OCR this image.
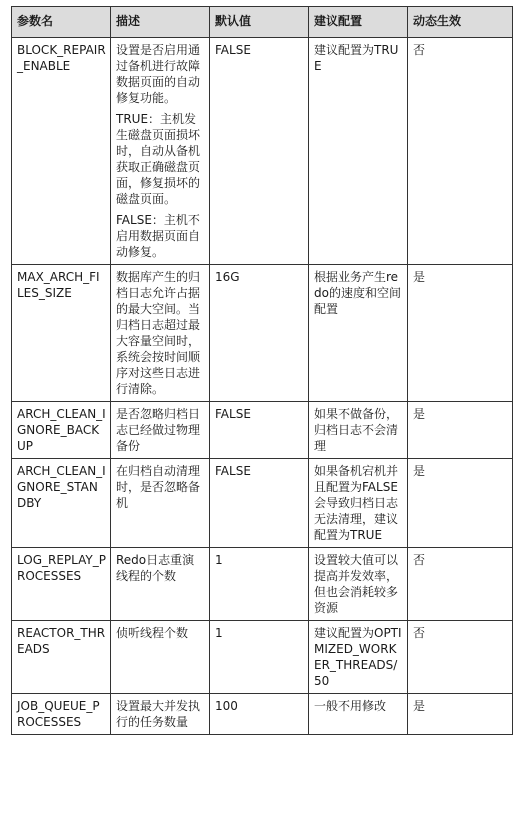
参数名	描述	默认值	建议配置	动态生效
BLOCK_REPAIR_ENABLE	设置是否启用通过备机进行故障数据页面的自动修复功能。

TRUE：主机发生磁盘页面损坏时，自动从备机获取正确磁盘页面，修复损坏的磁盘页面。

FALSE：主机不启用数据页面自动修复。	FALSE	建议配置为TRUE	否
MAX_ARCH_FILES_SIZE	数据库产生的归档日志允许占据的最大空间。当归档日志超过最大容量空间时，系统会按时间顺序对这些日志进行清除。	16G	根据业务产生redo的速度和空间配置	是
ARCH_CLEAN_IGNORE_BACKUP	是否忽略归档日志已经做过物理备份	FALSE	如果不做备份，归档日志不会清理	是
ARCH_CLEAN_IGNORE_STANDBY	在归档自动清理时，是否忽略备机	FALSE	如果备机宕机并且配置为FALSE会导致归档日志无法清理，建议配置为TRUE	是
LOG_REPLAY_PROCESSES	Redo日志重演线程的个数	1	设置较大值可以提高并发效率，但也会消耗较多资源	否
REACTOR_THREADS	侦听线程个数	1	建议配置为OPTIMIZED_WORKER_THREADS/50	否
JOB_QUEUE_PROCESSES	设置最大并发执行的任务数量	100	一般不用修改	是
